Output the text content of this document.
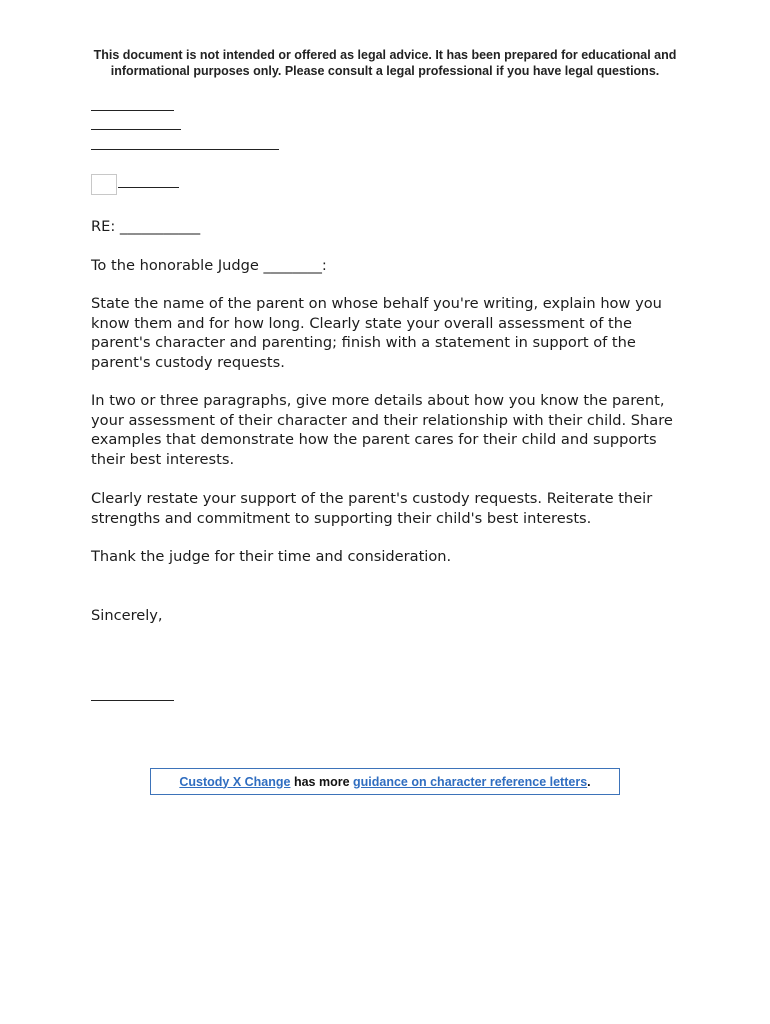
This document is not intended or offered as legal advice. It has been prepared for educational and informational purposes only. Please consult a legal professional if you have legal questions.
RE: ___________
To the honorable Judge ________:
State the name of the parent on whose behalf you're writing, explain how you know them and for how long. Clearly state your overall assessment of the parent's character and parenting; finish with a statement in support of the parent's custody requests.
In two or three paragraphs, give more details about how you know the parent, your assessment of their character and their relationship with their child. Share examples that demonstrate how the parent cares for their child and supports their best interests.
Clearly restate your support of the parent's custody requests. Reiterate their strengths and commitment to supporting their child's best interests.
Thank the judge for their time and consideration.
Sincerely,
Custody X Change has more guidance on character reference letters.
